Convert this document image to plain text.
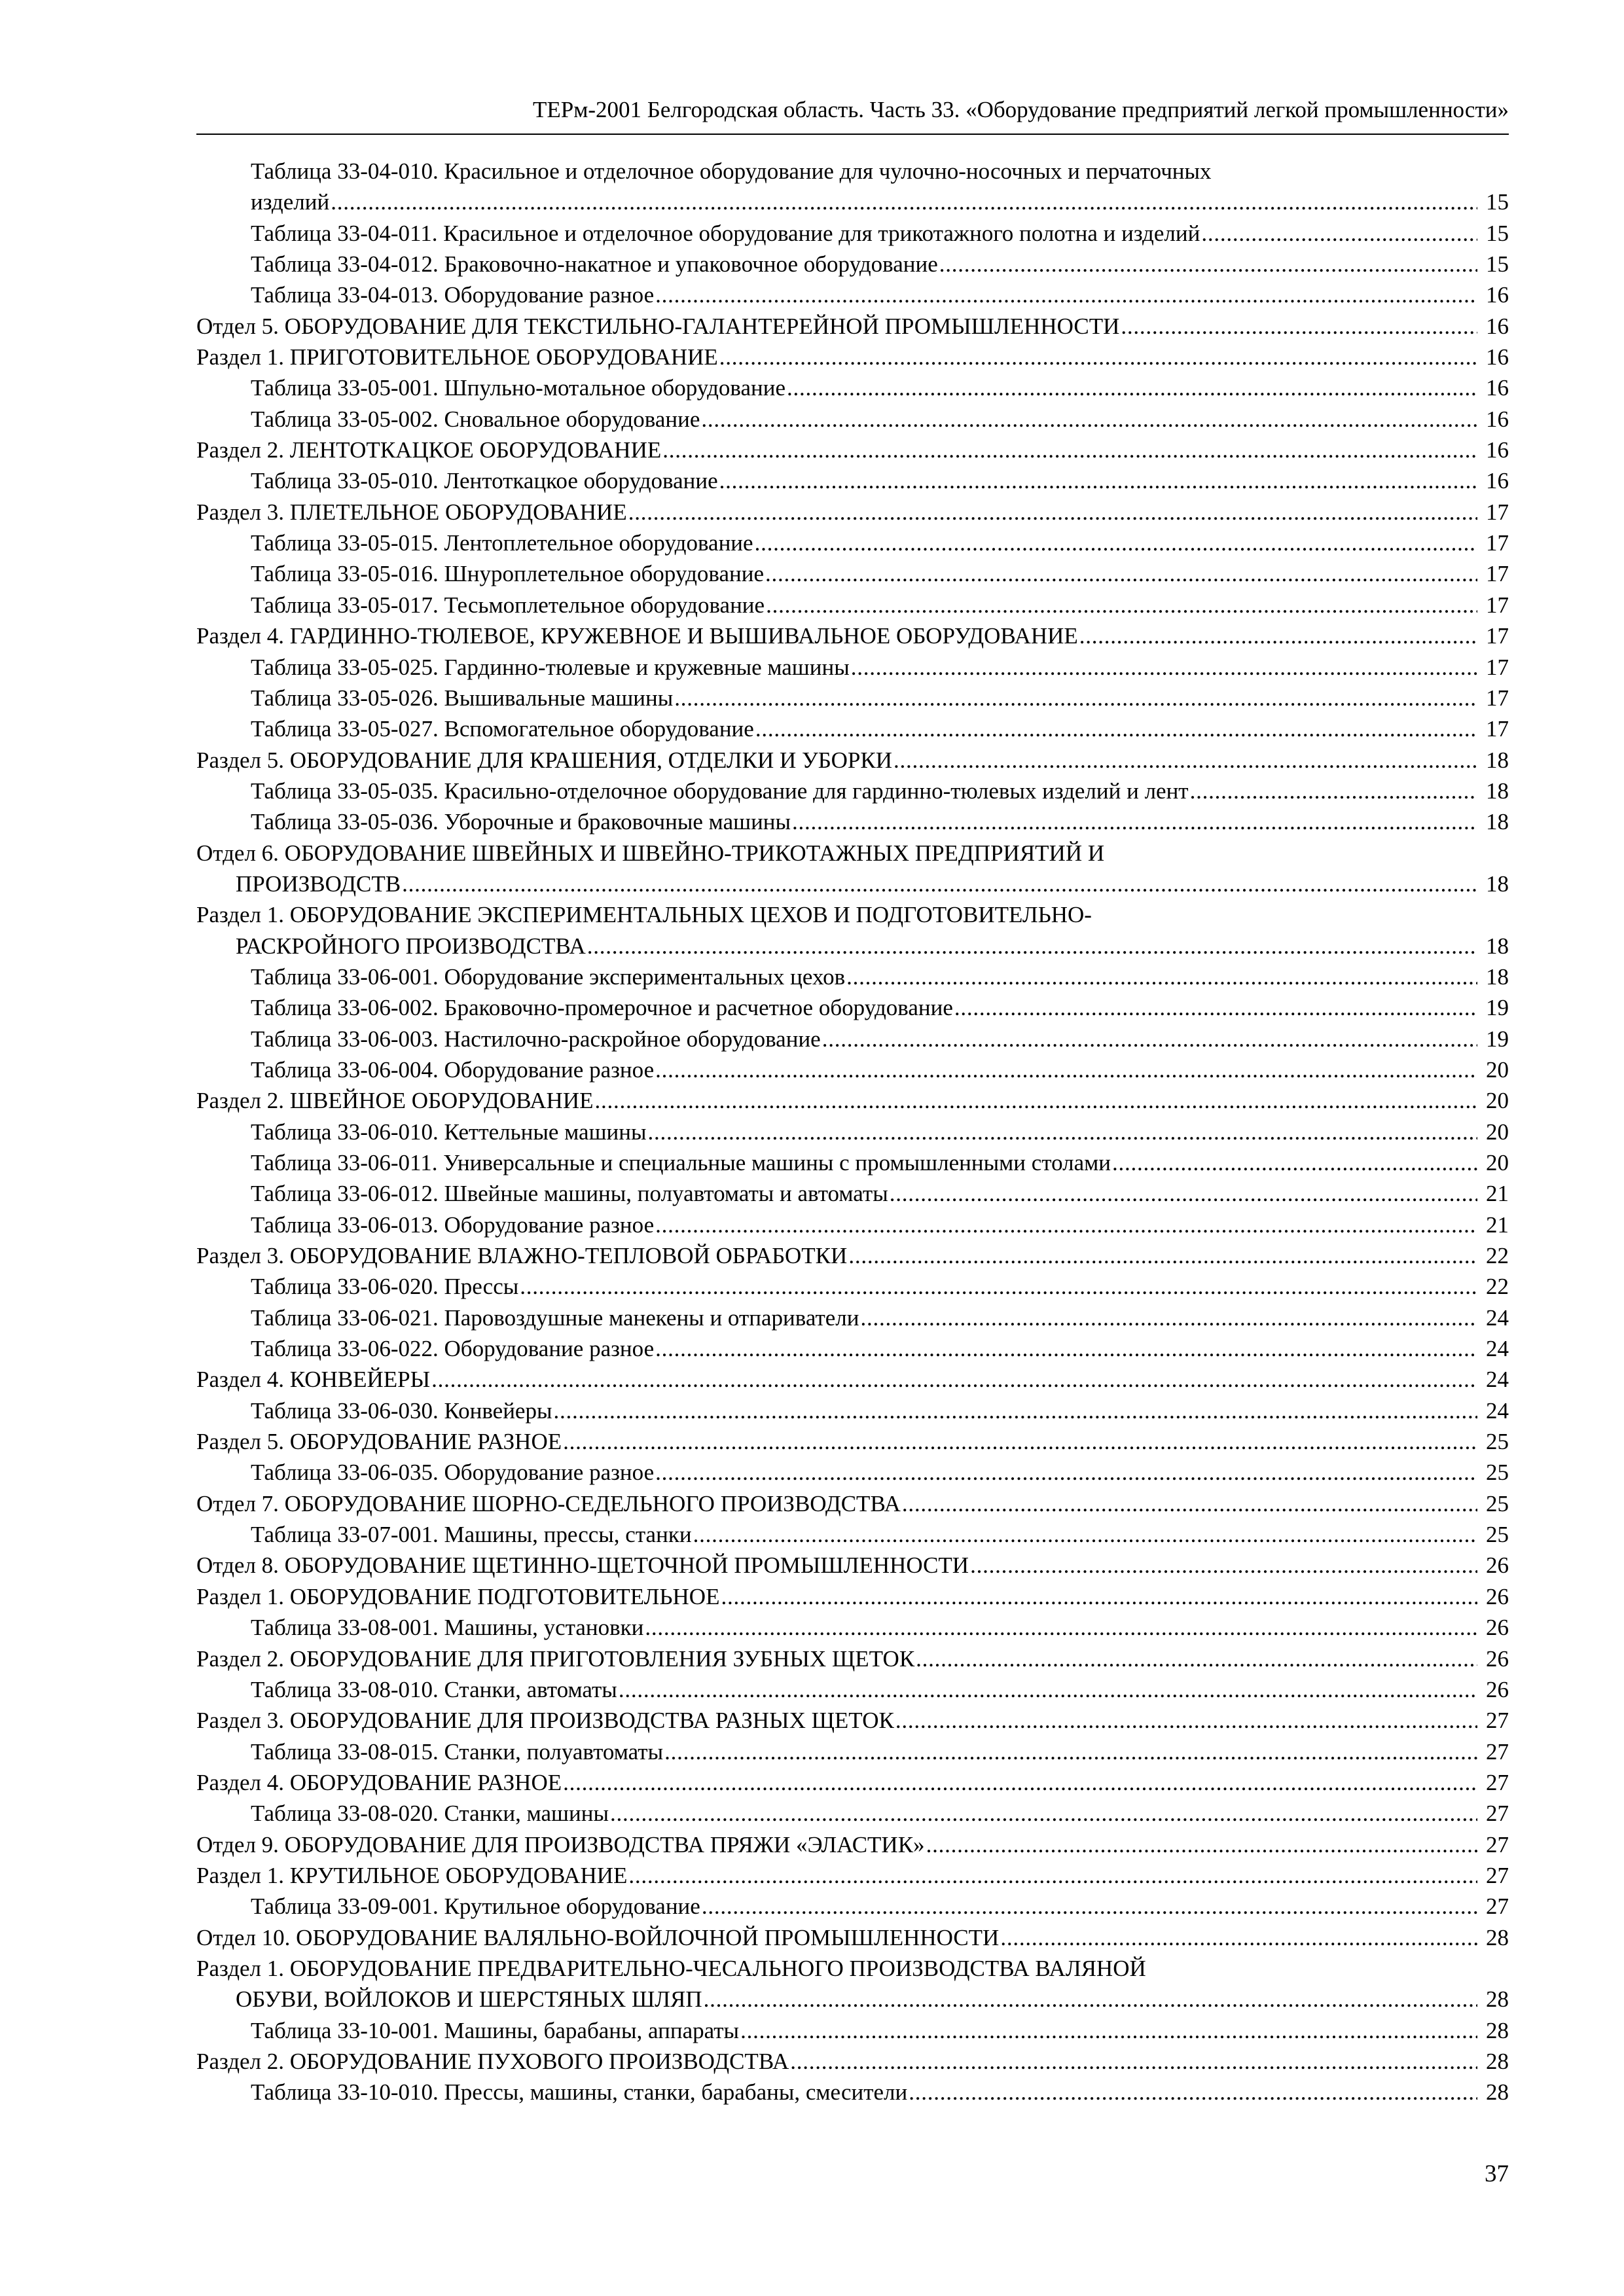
ТЕРм-2001 Белгородская область. Часть 33. «Оборудование предприятий легкой промышленности»
Таблица 33-04-010. Красильное и отделочное оборудование для чулочно-носочных и перчаточных
изделий . . .	15
Таблица 33-04-011. Красильное и отделочное оборудование для трикотажного полотна и изделий . . .	15
Таблица 33-04-012. Браковочно-накатное и упаковочное оборудование . . .	15
Таблица 33-04-013. Оборудование разное . . .	16
Отдел 5. ОБОРУДОВАНИЕ ДЛЯ ТЕКСТИЛЬНО-ГАЛАНТЕРЕЙНОЙ ПРОМЫШЛЕННОСТИ . . .	16
Раздел 1. ПРИГОТОВИТЕЛЬНОЕ ОБОРУДОВАНИЕ . . .	16
Таблица 33-05-001. Шпульно-мотальное оборудование . . .	16
Таблица 33-05-002. Сновальное оборудование . . .	16
Раздел 2. ЛЕНТОТКАЦКОЕ ОБОРУДОВАНИЕ . . .	16
Таблица 33-05-010. Лентоткацкое оборудование . . .	16
Раздел 3. ПЛЕТЕЛЬНОЕ ОБОРУДОВАНИЕ . . .	17
Таблица 33-05-015. Лентоплетельное оборудование . . .	17
Таблица 33-05-016. Шнуроплетельное оборудование . . .	17
Таблица 33-05-017. Тесьмоплетельное оборудование . . .	17
Раздел 4. ГАРДИННО-ТЮЛЕВОЕ, КРУЖЕВНОЕ И ВЫШИВАЛЬНОЕ ОБОРУДОВАНИЕ . . .	17
Таблица 33-05-025. Гардинно-тюлевые и кружевные машины . . .	17
Таблица 33-05-026. Вышивальные машины . . .	17
Таблица 33-05-027. Вспомогательное оборудование . . .	17
Раздел 5. ОБОРУДОВАНИЕ ДЛЯ КРАШЕНИЯ, ОТДЕЛКИ И УБОРКИ . . .	18
Таблица 33-05-035. Красильно-отделочное оборудование для гардинно-тюлевых изделий и лент . . .	18
Таблица 33-05-036. Уборочные и браковочные машины . . .	18
Отдел 6. ОБОРУДОВАНИЕ ШВЕЙНЫХ И ШВЕЙНО-ТРИКОТАЖНЫХ ПРЕДПРИЯТИЙ И
ПРОИЗВОДСТВ . . .	18
Раздел 1. ОБОРУДОВАНИЕ ЭКСПЕРИМЕНТАЛЬНЫХ ЦЕХОВ И ПОДГОТОВИТЕЛЬНО-
РАСКРОЙНОГО ПРОИЗВОДСТВА . . .	18
Таблица 33-06-001. Оборудование экспериментальных цехов . . .	18
Таблица 33-06-002. Браковочно-промерочное и расчетное оборудование . . .	19
Таблица 33-06-003. Настилочно-раскройное оборудование . . .	19
Таблица 33-06-004. Оборудование разное . . .	20
Раздел 2. ШВЕЙНОЕ ОБОРУДОВАНИЕ . . .	20
Таблица 33-06-010. Кеттельные машины . . .	20
Таблица 33-06-011. Универсальные и специальные машины с промышленными столами . . .	20
Таблица 33-06-012. Швейные машины, полуавтоматы и автоматы . . .	21
Таблица 33-06-013. Оборудование разное . . .	21
Раздел 3. ОБОРУДОВАНИЕ ВЛАЖНО-ТЕПЛОВОЙ ОБРАБОТКИ . . .	22
Таблица 33-06-020. Прессы . . .	22
Таблица 33-06-021. Паровоздушные манекены и отпариватели . . .	24
Таблица 33-06-022. Оборудование разное . . .	24
Раздел 4. КОНВЕЙЕРЫ . . .	24
Таблица 33-06-030. Конвейеры . . .	24
Раздел 5. ОБОРУДОВАНИЕ РАЗНОЕ . . .	25
Таблица 33-06-035. Оборудование разное . . .	25
Отдел 7. ОБОРУДОВАНИЕ ШОРНО-СЕДЕЛЬНОГО ПРОИЗВОДСТВА . . .	25
Таблица 33-07-001. Машины, прессы, станки . . .	25
Отдел 8. ОБОРУДОВАНИЕ ЩЕТИННО-ЩЕТОЧНОЙ ПРОМЫШЛЕННОСТИ . . .	26
Раздел 1. ОБОРУДОВАНИЕ ПОДГОТОВИТЕЛЬНОЕ . . .	26
Таблица 33-08-001. Машины, установки . . .	26
Раздел 2. ОБОРУДОВАНИЕ ДЛЯ ПРИГОТОВЛЕНИЯ ЗУБНЫХ ЩЕТОК . . .	26
Таблица 33-08-010. Станки, автоматы . . .	26
Раздел 3. ОБОРУДОВАНИЕ ДЛЯ ПРОИЗВОДСТВА РАЗНЫХ ЩЕТОК . . .	27
Таблица 33-08-015. Станки, полуавтоматы . . .	27
Раздел 4. ОБОРУДОВАНИЕ РАЗНОЕ . . .	27
Таблица 33-08-020. Станки, машины . . .	27
Отдел 9. ОБОРУДОВАНИЕ ДЛЯ ПРОИЗВОДСТВА ПРЯЖИ «ЭЛАСТИК» . . .	27
Раздел 1. КРУТИЛЬНОЕ ОБОРУДОВАНИЕ . . .	27
Таблица 33-09-001. Крутильное оборудование . . .	27
Отдел 10. ОБОРУДОВАНИЕ ВАЛЯЛЬНО-ВОЙЛОЧНОЙ ПРОМЫШЛЕННОСТИ . . .	28
Раздел 1. ОБОРУДОВАНИЕ ПРЕДВАРИТЕЛЬНО-ЧЕСАЛЬНОГО ПРОИЗВОДСТВА ВАЛЯНОЙ
ОБУВИ, ВОЙЛОКОВ И ШЕРСТЯНЫХ ШЛЯП . . .	28
Таблица 33-10-001. Машины, барабаны, аппараты . . .	28
Раздел 2. ОБОРУДОВАНИЕ ПУХОВОГО ПРОИЗВОДСТВА . . .	28
Таблица 33-10-010. Прессы, машины, станки, барабаны, смесители . . .	28
37
